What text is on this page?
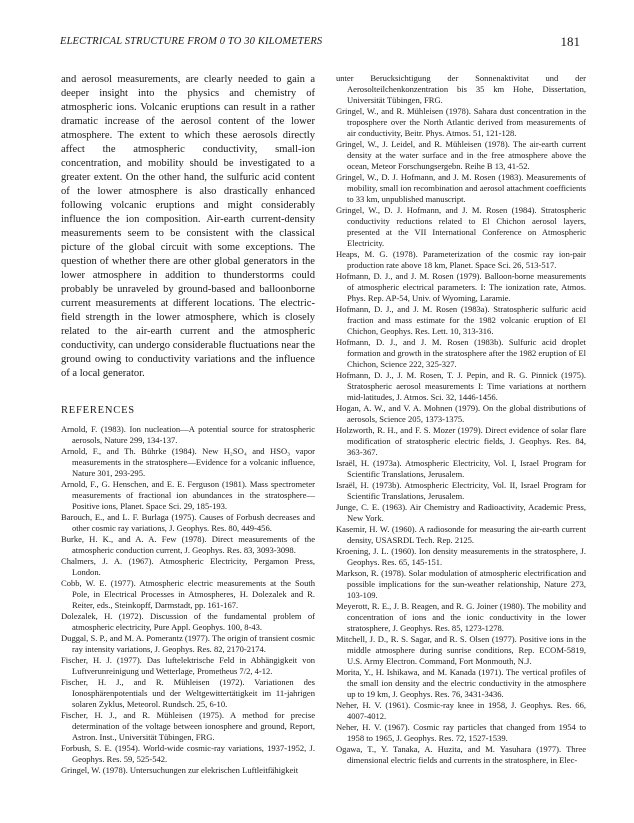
ELECTRICAL STRUCTURE FROM 0 TO 30 KILOMETERS	181

and aerosol measurements, are clearly needed to gain a deeper insight into the physics and chemistry of atmospheric ions. Volcanic eruptions can result in a rather dramatic increase of the aerosol content of the lower atmosphere. The extent to which these aerosols directly affect the atmospheric conductivity, small-ion concentration, and mobility should be investigated to a greater extent. On the other hand, the sulfuric acid content of the lower atmosphere is also drastically enhanced following volcanic eruptions and might considerably influence the ion composition. Air-earth current-density measurements seem to be consistent with the classical picture of the global circuit with some exceptions. The question of whether there are other global generators in the lower atmosphere in addition to thunderstorms could probably be unraveled by ground-based and balloonborne current measurements at different locations. The electric-field strength in the lower atmosphere, which is closely related to the air-earth current and the atmospheric conductivity, can undergo considerable fluctuations near the ground owing to conductivity variations and the influence of a local generator.

REFERENCES
Arnold, F. (1983). Ion nucleation—A potential source for stratospheric aerosols, Nature 299, 134-137.
Arnold, F., and Th. Bührke (1984). New H₂SO₄ and HSO₃ vapor measurements in the stratosphere—Evidence for a volcanic influence, Nature 301, 293-295.
Arnold, F., G. Henschen, and E. E. Ferguson (1981). Mass spectrometer measurements of fractional ion abundances in the stratosphere—Positive ions, Planet. Space Sci. 29, 185-193.
Barouch, E., and L. F. Burlaga (1975). Causes of Forbush decreases and other cosmic ray variations, J. Geophys. Res. 80, 449-456.
Burke, H. K., and A. A. Few (1978). Direct measurements of the atmospheric conduction current, J. Geophys. Res. 83, 3093-3098.
Chalmers, J. A. (1967). Atmospheric Electricity, Pergamon Press, London.
Cobb, W. E. (1977). Atmospheric electric measurements at the South Pole, in Electrical Processes in Atmospheres, H. Dolezalek and R. Reiter, eds., Steinkopff, Darmstadt, pp. 161-167.
Dolezalek, H. (1972). Discussion of the fundamental problem of atmospheric electricity, Pure Appl. Geophys. 100, 8-43.
Duggal, S. P., and M. A. Pomerantz (1977). The origin of transient cosmic ray intensity variations, J. Geophys. Res. 82, 2170-2174.
Fischer, H. J. (1977). Das luftelektrische Feld in Abhängigkeit von Luftverunreinigung und Wetterlage, Prometheus 7/2, 4-12.
Fischer, H. J., and R. Mühleisen (1972). Variationen des Ionosphärenpotentials und der Weltgewittertätigkeit im 11-jahrigen solaren Zyklus, Meteorol. Rundsch. 25, 6-10.
Fischer, H. J., and R. Mühleisen (1975). A method for precise determination of the voltage between ionosphere and ground, Report, Astron. Inst., Universität Tübingen, FRG.
Forbush, S. E. (1954). World-wide cosmic-ray variations, 1937-1952, J. Geophys. Res. 59, 525-542.
Gringel, W. (1978). Untersuchungen zur elekrischen Luftleitfähigkeit
unter Berucksichtigung der Sonnenaktivitat und der Aerosolteilchenkonzentration bis 35 km Hohe, Dissertation, Universität Tübingen, FRG.
Gringel, W., and R. Mühleisen (1978). Sahara dust concentration in the troposphere over the North Atlantic derived from measurements of air conductivity, Beitr. Phys. Atmos. 51, 121-128.
Gringel, W., J. Leidel, and R. Mühleisen (1978). The air-earth current density at the water surface and in the free atmosphere above the ocean, Meteor Forschungsergebn. Reihe B 13, 41-52.
Gringel, W., D. J. Hofmann, and J. M. Rosen (1983). Measurements of mobility, small ion recombination and aerosol attachment coefficients to 33 km, unpublished manuscript.
Gringel, W., D. J. Hofmann, and J. M. Rosen (1984). Stratospheric conductivity reductions related to El Chichon aerosol layers, presented at the VII International Conference on Atmospheric Electricity.
Heaps, M. G. (1978). Parameterization of the cosmic ray ion-pair production rate above 18 km, Planet. Space Sci. 26, 513-517.
Hofmann, D. J., and J. M. Rosen (1979). Balloon-borne measurements of atmospheric electrical parameters. I: The ionization rate, Atmos. Phys. Rep. AP-54, Univ. of Wyoming, Laramie.
Hofmann, D. J., and J. M. Rosen (1983a). Stratospheric sulfuric acid fraction and mass estimate for the 1982 volcanic eruption of El Chichon, Geophys. Res. Lett. 10, 313-316.
Hofmann, D. J., and J. M. Rosen (1983b). Sulfuric acid droplet formation and growth in the stratosphere after the 1982 eruption of El Chichon, Science 222, 325-327.
Hofmann, D. J., J. M. Rosen, T. J. Pepin, and R. G. Pinnick (1975). Stratospheric aerosol measurements I: Time variations at northern mid-latitudes, J. Atmos. Sci. 32, 1446-1456.
Hogan, A. W., and V. A. Mohnen (1979). On the global distributions of aerosols, Science 205, 1373-1375.
Holzworth, R. H., and F. S. Mozer (1979). Direct evidence of solar flare modification of stratospheric electric fields, J. Geophys. Res. 84, 363-367.
Israël, H. (1973a). Atmospheric Electricity, Vol. I, Israel Program for Scientific Translations, Jerusalem.
Israël, H. (1973b). Atmospheric Electricity, Vol. II, Israel Program for Scientific Translations, Jerusalem.
Junge, C. E. (1963). Air Chemistry and Radioactivity, Academic Press, New York.
Kasemir, H. W. (1960). A radiosonde for measuring the air-earth current density, USASRDL Tech. Rep. 2125.
Kroening, J. L. (1960). Ion density measurements in the stratosphere, J. Geophys. Res. 65, 145-151.
Markson, R. (1978). Solar modulation of atmospheric electrification and possible implications for the sun-weather relationship, Nature 273, 103-109.
Meyerott, R. E., J. B. Reagen, and R. G. Joiner (1980). The mobility and concentration of ions and the ionic conductivity in the lower stratosphere, J. Geophys. Res. 85, 1273-1278.
Mitchell, J. D., R. S. Sagar, and R. S. Olsen (1977). Positive ions in the middle atmosphere during sunrise conditions, Rep. ECOM-5819, U.S. Army Electron. Command, Fort Monmouth, N.J.
Morita, Y., H. Ishikawa, and M. Kanada (1971). The vertical profiles of the small ion density and the electric conductivity in the atmosphere up to 19 km, J. Geophys. Res. 76, 3431-3436.
Neher, H. V. (1961). Cosmic-ray knee in 1958, J. Geophys. Res. 66, 4007-4012.
Neher, H. V. (1967). Cosmic ray particles that changed from 1954 to 1958 to 1965, J. Geophys. Res. 72, 1527-1539.
Ogawa, T., Y. Tanaka, A. Huzita, and M. Yasuhara (1977). Three dimensional electric fields and currents in the stratosphere, in Elec-
